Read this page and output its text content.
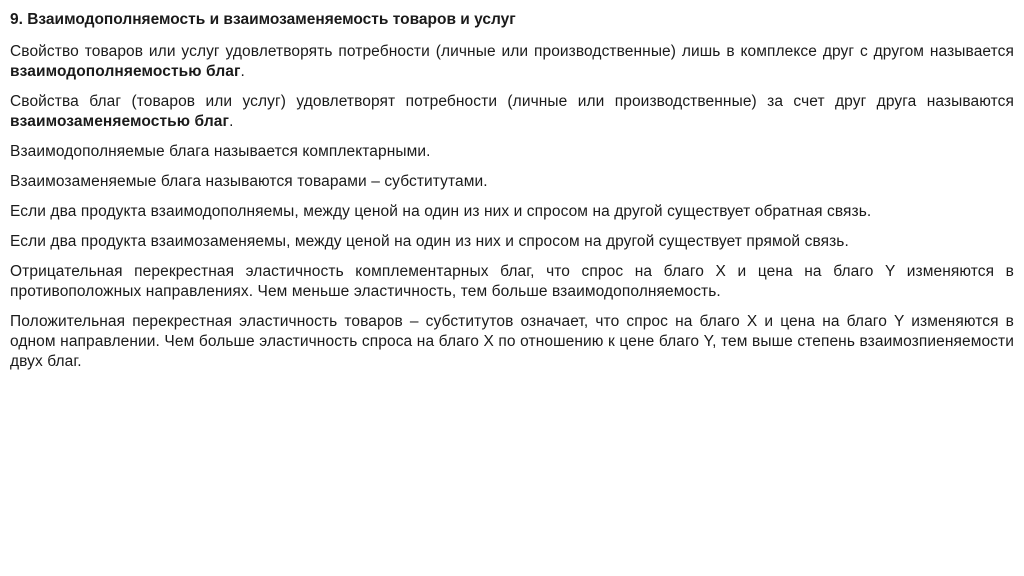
9. Взаимодополняемость и взаимозаменяемость товаров и услуг

Свойство товаров или услуг удовлетворять потребности (личные или производственные) лишь в комплексе друг с другом называется взаимодополняемостью благ.

Свойства благ (товаров или услуг) удовлетворят потребности (личные или производственные) за счет друг друга называются взаимозаменяемостью благ.

Взаимодополняемые блага называется комплектарными.

Взаимозаменяемые блага называются товарами – субститутами.

Если два продукта взаимодополняемы, между ценой на один из них и спросом на другой существует обратная связь.

Если два продукта взаимозаменяемы, между ценой на один из них и спросом на другой существует прямой связь.

Отрицательная перекрестная эластичность комплементарных благ, что спрос на благо X и цена на благо Y изменяются в противоположных направлениях. Чем меньше эластичность, тем больше взаимодополняемость.

Положительная перекрестная эластичность товаров – субститутов означает, что спрос на благо X и цена на благо Y изменяются в одном направлении. Чем больше эластичность спроса на благо X по отношению к цене благо Y, тем выше степень взаимозпиеняемости двух благ.
